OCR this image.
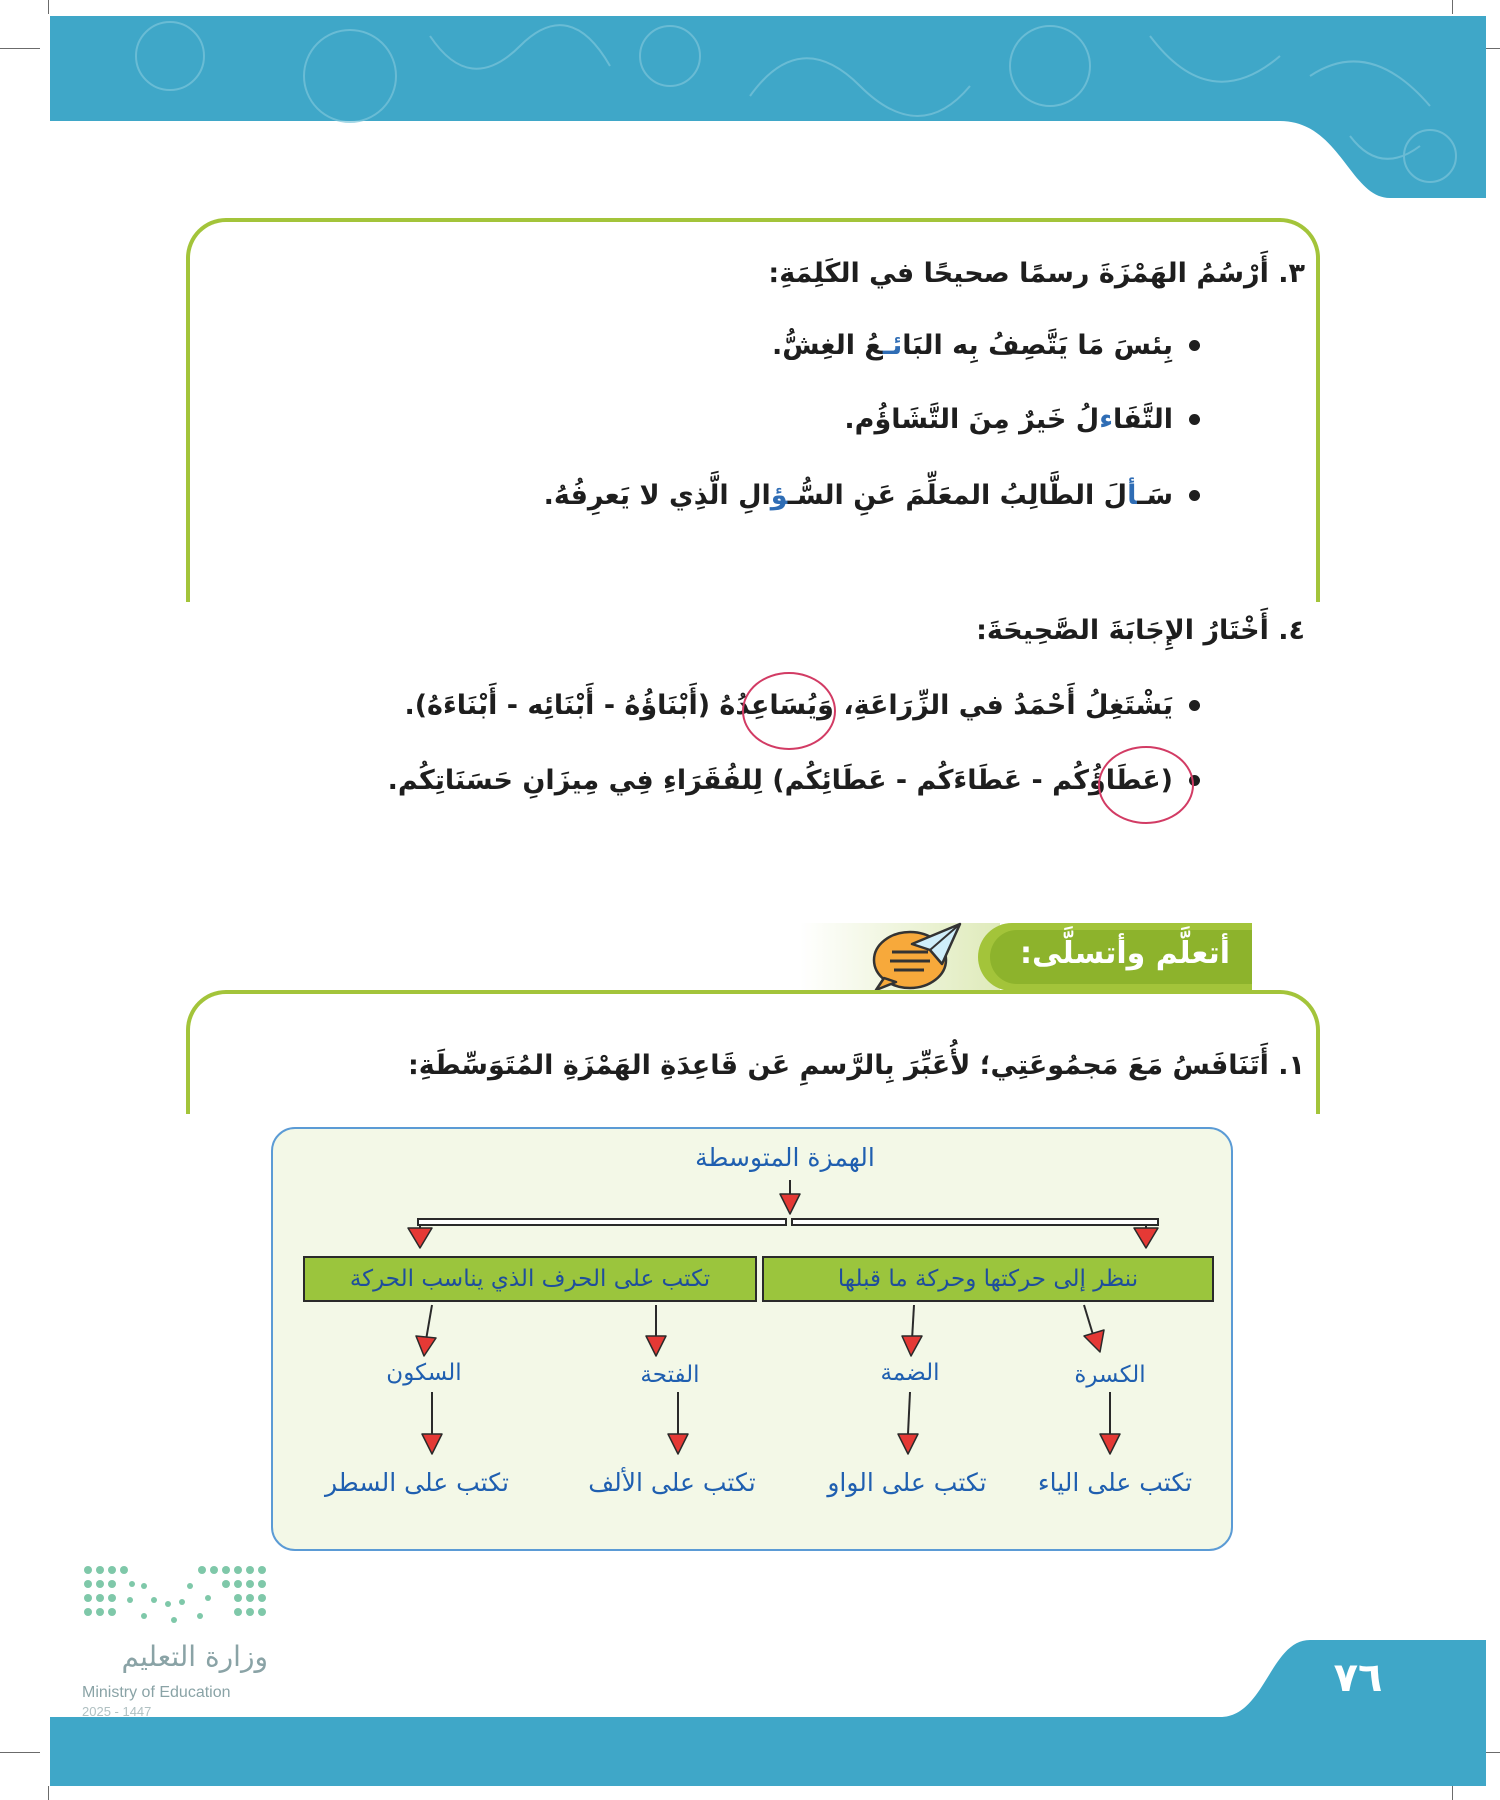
٣. أَرْسُمُ الهَمْزَةَ رسمًا صحيحًا في الكَلِمَةِ:
بِئسَ مَا يَتَّصِفُ بِه البَائـعُ الغِشُّ.
التَّفَاءلُ خَيرٌ مِنَ التَّشَاؤُم.
سَـألَ الطَّالِبُ المعَلِّمَ عَنِ السُّـؤالِ الَّذِي لا يَعرِفُهُ.
٤. أَخْتَارُ الإِجَابَةَ الصَّحِيحَةَ:
يَشْتَغِلُ أَحْمَدُ في الزِّرَاعَةِ، وَيُسَاعِدُهُ (أَبْنَاؤُهُ - أَبْنَائِه - أَبْنَاءَهُ).
(عَطَاؤُكُم - عَطَاءَكُم - عَطَائِكُم) لِلفُقَرَاءِ فِي مِيزَانِ حَسَنَاتِكُم.
أتعلَّم وأتسلَّى:
١. أَتَنَافَسُ مَعَ مَجمُوعَتِي؛ لأُعَبِّرَ بِالرَّسمِ عَن قَاعِدَةِ الهَمْزَةِ المُتَوَسِّطَةِ:
الهمزة المتوسطة
ننظر إلى حركتها وحركة ما قبلها
تكتب على الحرف الذي يناسب الحركة
الكسرة
الضمة
الفتحة
السكون
تكتب على الياء
تكتب على الواو
تكتب على الألف
تكتب على السطر
٧٦
وزارة التعليم
Ministry of Education
2025 - 1447
